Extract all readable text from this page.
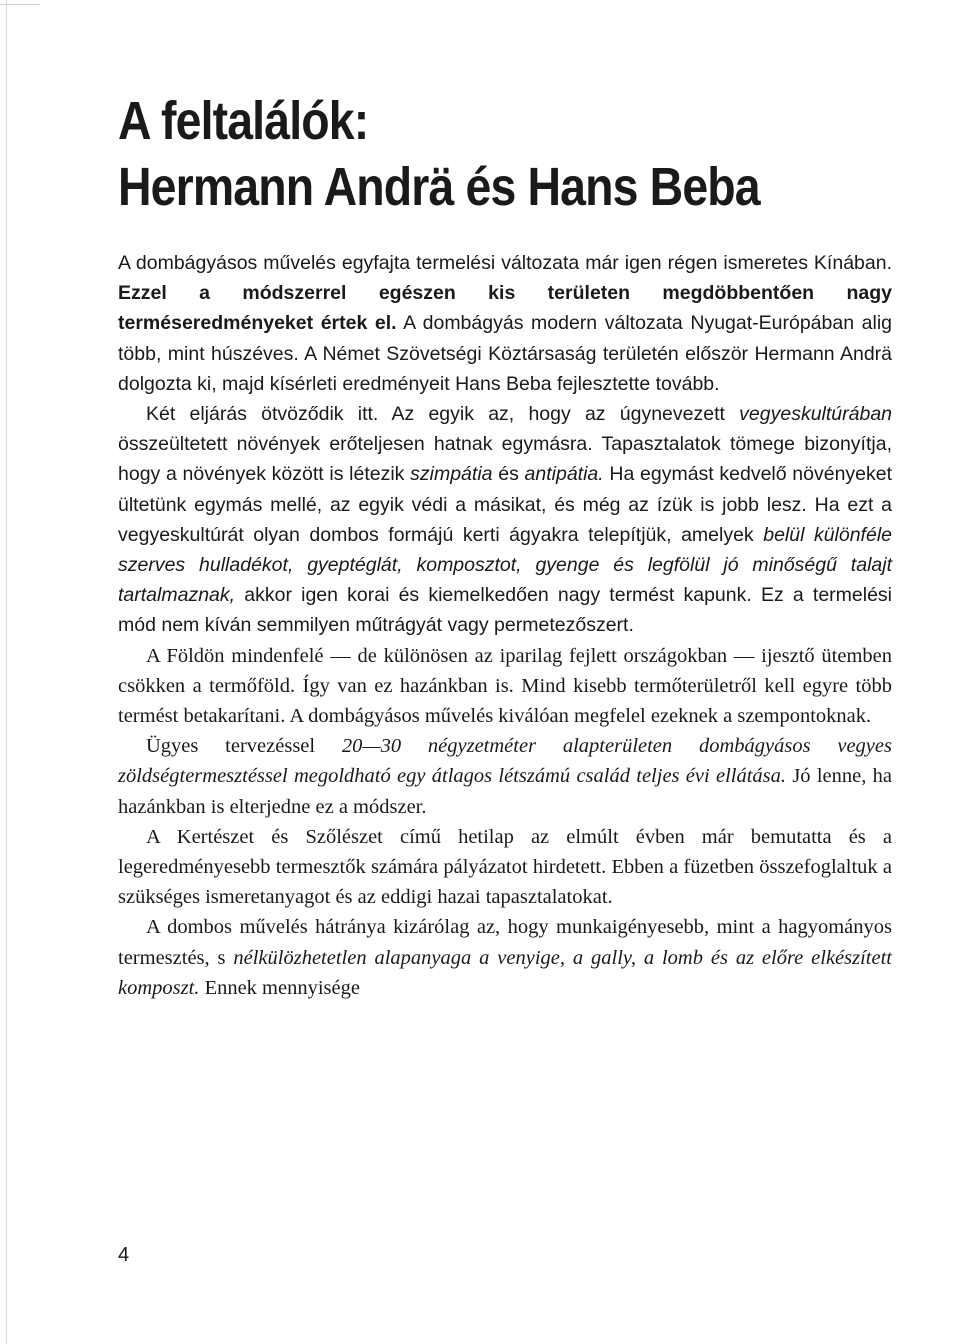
A feltalálók:
Hermann Andrä és Hans Beba

A dombágyásos művelés egyfajta termelési változata már igen régen ismeretes Kínában. Ezzel a módszerrel egészen kis területen megdöbbentően nagy terméseredményeket értek el. A dombágyás modern változata Nyugat-Európában alig több, mint húszéves. A Német Szövetségi Köztársaság területén először Hermann Andrä dolgozta ki, majd kísérleti eredményeit Hans Beba fejlesztette tovább.

Két eljárás ötvöződik itt. Az egyik az, hogy az úgynevezett vegyeskultúrában összeültetett növények erőteljesen hatnak egymásra. Tapasztalatok tömege bizonyítja, hogy a növények között is létezik szimpátia és antipátia. Ha egymást kedvelő növényeket ültetünk egymás mellé, az egyik védi a másikat, és még az ízük is jobb lesz. Ha ezt a vegyeskultúrát olyan dombos formájú kerti ágyakra telepítjük, amelyek belül különféle szerves hulladékot, gyeptéglát, komposztot, gyenge és legfölül jó minőségű talajt tartalmaznak, akkor igen korai és kiemelkedően nagy termést kapunk. Ez a termelési mód nem kíván semmilyen műtrágyát vagy permetezőszert.

A Földön mindenfelé — de különösen az iparilag fejlett országokban — ijesztő ütemben csökken a termőföld. Így van ez hazánkban is. Mind kisebb termőterületről kell egyre több termést betakarítani. A dombágyásos művelés kiválóan megfelel ezeknek a szempontoknak.

Ügyes tervezéssel 20—30 négyzetméter alapterületen dombágyásos vegyes zöldségtermesztéssel megoldható egy átlagos létszámú család teljes évi ellátása. Jó lenne, ha hazánkban is elterjedne ez a módszer.

A Kertészet és Szőlészet című hetilap az elmúlt évben már bemutatta és a legeredményesebb termesztők számára pályázatot hirdetett. Ebben a füzetben összefoglaltuk a szükséges ismeretanyagot és az eddigi hazai tapasztalatokat.

A dombos művelés hátránya kizárólag az, hogy munkaigényesebb, mint a hagyományos termesztés, s nélkülözhetetlen alapanyaga a venyige, a gally, a lomb és az előre elkészített komposzt. Ennek mennyisége

4
